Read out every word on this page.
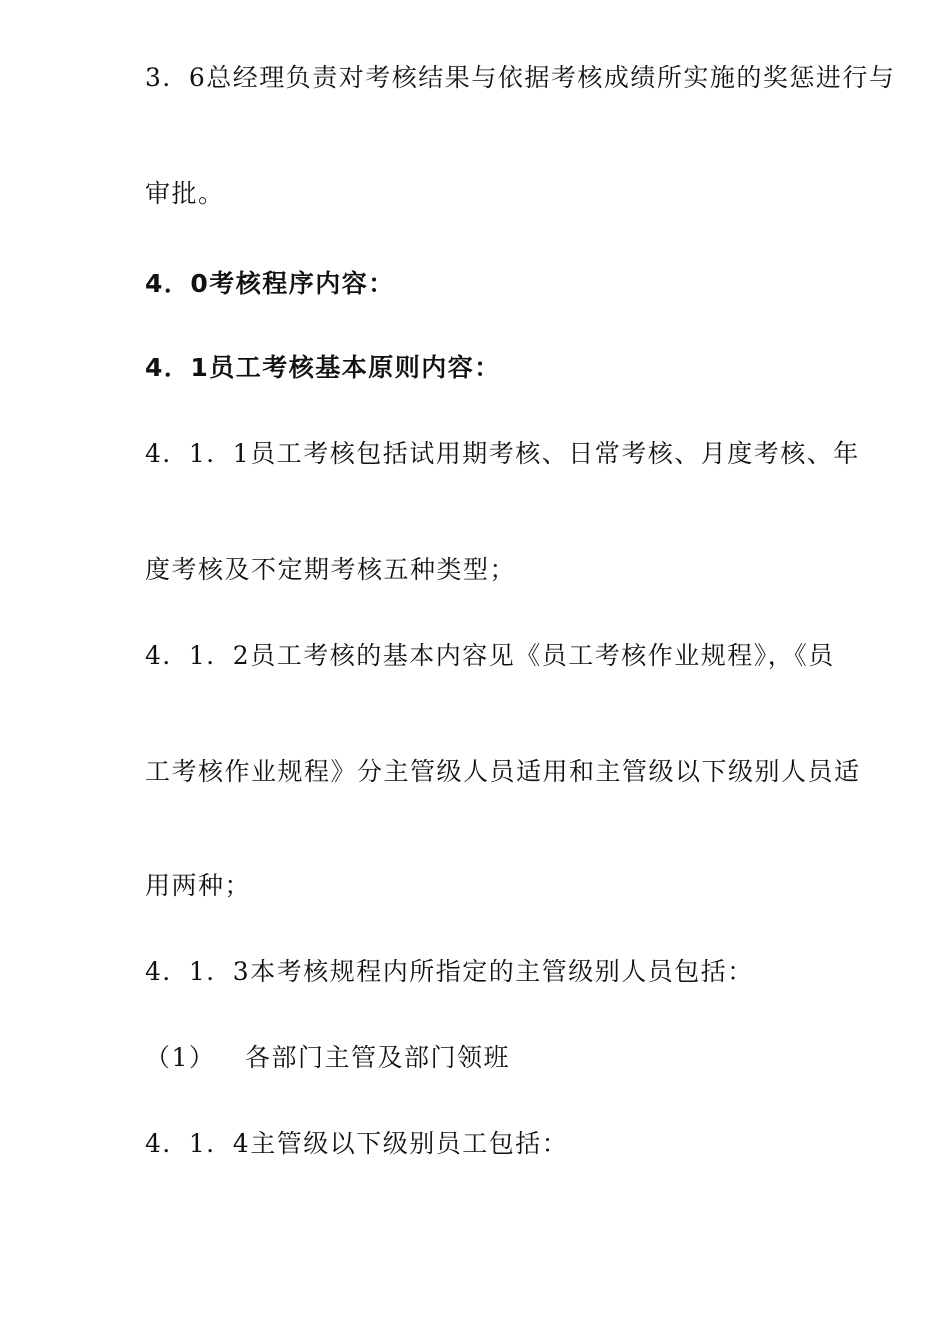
3．6总经理负责对考核结果与依据考核成绩所实施的奖惩进行与
审批。
4．0考核程序内容：
4．1员工考核基本原则内容：
4．1．1员工考核包括试用期考核、日常考核、月度考核、年
度考核及不定期考核五种类型；
4．1．2员工考核的基本内容见《员工考核作业规程》，《员
工考核作业规程》分主管级人员适用和主管级以下级别人员适
用两种；
4．1．3本考核规程内所指定的主管级别人员包括：
（1） 各部门主管及部门领班
4．1．4主管级以下级别员工包括：
